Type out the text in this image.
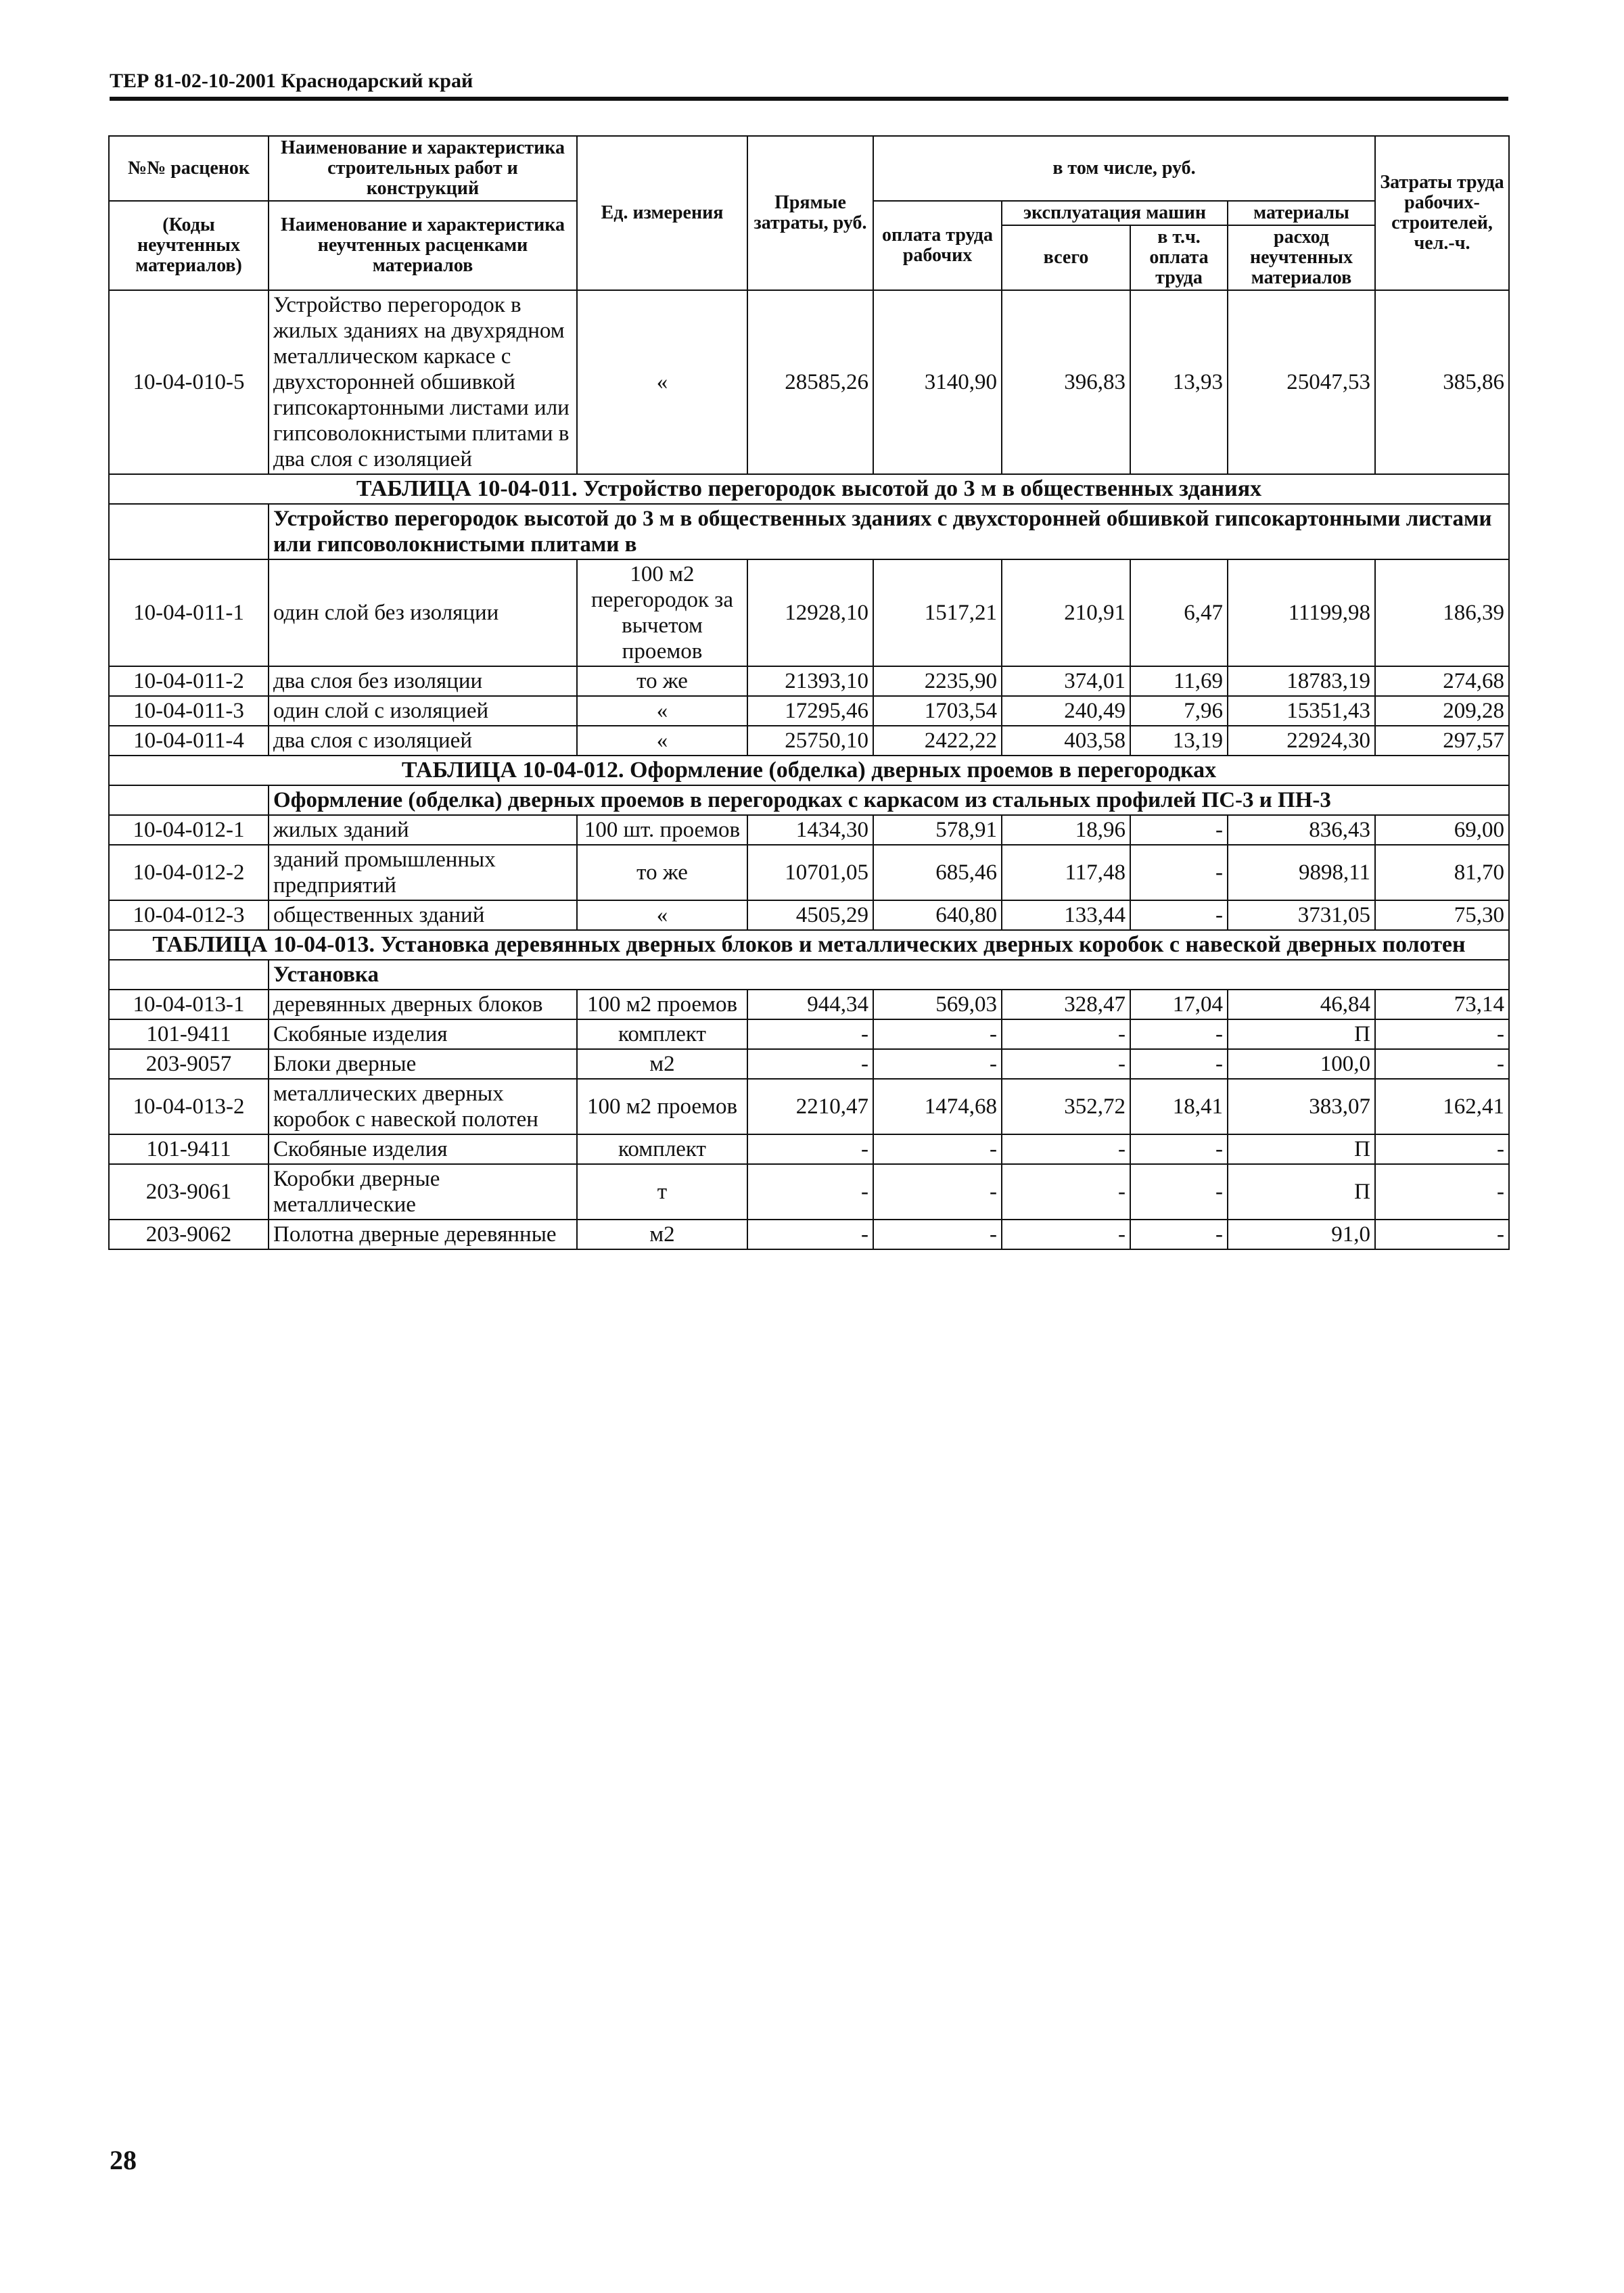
ТЕР 81-02-10-2001 Краснодарский край
№№ расценок	Наименование и характеристика строительных работ и конструкций	Ед. измерения	Прямые затраты, руб.	в том числе, руб.				Затраты труда рабочих-строителей, чел.-ч.
(Коды неучтенных материалов)	Наименование и характеристика неучтенных расценками материалов			оплата труда рабочих	эксплуатация машин		материалы	
					всего	в т.ч. оплата труда	расход неучтенных материалов	
10-04-010-5	Устройство перегородок в жилых зданиях на двухрядном металлическом каркасе с двухсторонней обшивкой гипсокартонными листами или гипсоволокнистыми плитами в два слоя с изоляцией	«	28585,26	3140,90	396,83	13,93	25047,53	385,86
ТАБЛИЦА 10-04-011. Устройство перегородок высотой до 3 м в общественных зданиях								
	Устройство перегородок высотой до 3 м в общественных зданиях с двухсторонней обшивкой гипсокартонными листами или гипсоволокнистыми плитами в							
10-04-011-1	один слой без изоляции	100 м2 перегородок за вычетом проемов	12928,10	1517,21	210,91	6,47	11199,98	186,39
10-04-011-2	два слоя без изоляции	то же	21393,10	2235,90	374,01	11,69	18783,19	274,68
10-04-011-3	один слой с изоляцией	«	17295,46	1703,54	240,49	7,96	15351,43	209,28
10-04-011-4	два слоя с изоляцией	«	25750,10	2422,22	403,58	13,19	22924,30	297,57
ТАБЛИЦА 10-04-012. Оформление (обделка) дверных проемов в перегородках								
	Оформление (обделка) дверных проемов в перегородках с каркасом из стальных профилей ПС-3 и ПН-3							
10-04-012-1	жилых зданий	100 шт. проемов	1434,30	578,91	18,96	-	836,43	69,00
10-04-012-2	зданий промышленных предприятий	то же	10701,05	685,46	117,48	-	9898,11	81,70
10-04-012-3	общественных зданий	«	4505,29	640,80	133,44	-	3731,05	75,30
ТАБЛИЦА 10-04-013. Установка деревянных дверных блоков и металлических дверных коробок с навеской дверных полотен								
	Установка							
10-04-013-1	деревянных дверных блоков	100 м2 проемов	944,34	569,03	328,47	17,04	46,84	73,14
101-9411	Скобяные изделия	комплект	-	-	-	-	П	-
203-9057	Блоки дверные	м2	-	-	-	-	100,0	-
10-04-013-2	металлических дверных коробок с навеской полотен	100 м2 проемов	2210,47	1474,68	352,72	18,41	383,07	162,41
101-9411	Скобяные изделия	комплект	-	-	-	-	П	-
203-9061	Коробки дверные металлические	т	-	-	-	-	П	-
203-9062	Полотна дверные деревянные	м2	-	-	-	-	91,0	-
28
